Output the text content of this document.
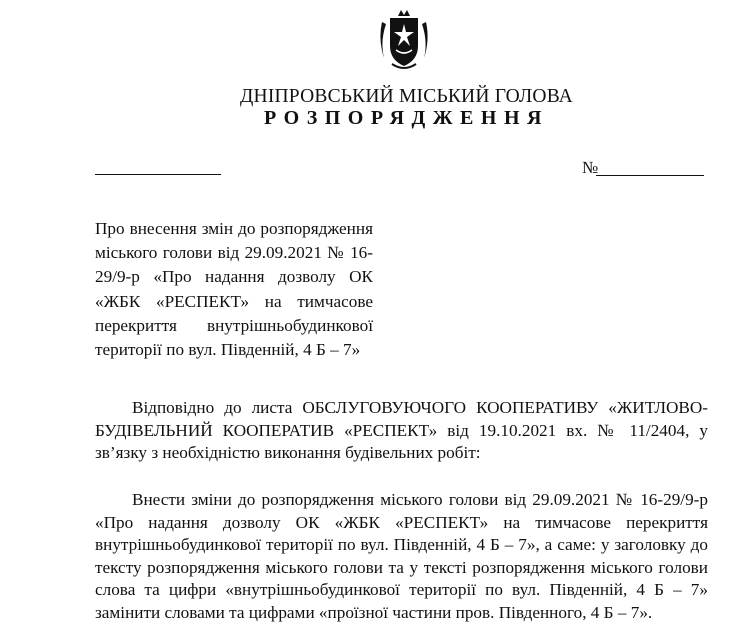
ДНІПРОВСЬКИЙ МІСЬКИЙ ГОЛОВА
РОЗПОРЯДЖЕННЯ
№
Про внесення змін до розпорядження міського голови від 29.09.2021 № 16-29/9-р «Про надання дозволу ОК «ЖБК «РЕСПЕКТ» на тимчасове перекриття внутрішньобудинкової території по вул. Південній, 4 Б – 7»

Відповідно до листа ОБСЛУГОВУЮЧОГО КООПЕРАТИВУ «ЖИТЛОВО-БУДІВЕЛЬНИЙ КООПЕРАТИВ «РЕСПЕКТ» від 19.10.2021 вх. № 11/2404, у зв’язку з необхідністю виконання будівельних робіт:

Внести зміни до розпорядження міського голови від 29.09.2021 № 16-29/9-р «Про надання дозволу ОК «ЖБК «РЕСПЕКТ» на тимчасове перекриття внутрішньобудинкової території по вул. Південній, 4 Б – 7», а саме: у заголовку до тексту розпорядження міського голови та у тексті розпорядження міського голови слова та цифри «внутрішньобудинкової території по вул. Південній, 4 Б – 7» замінити словами та цифрами «проїзної частини пров. Південного, 4 Б – 7».
